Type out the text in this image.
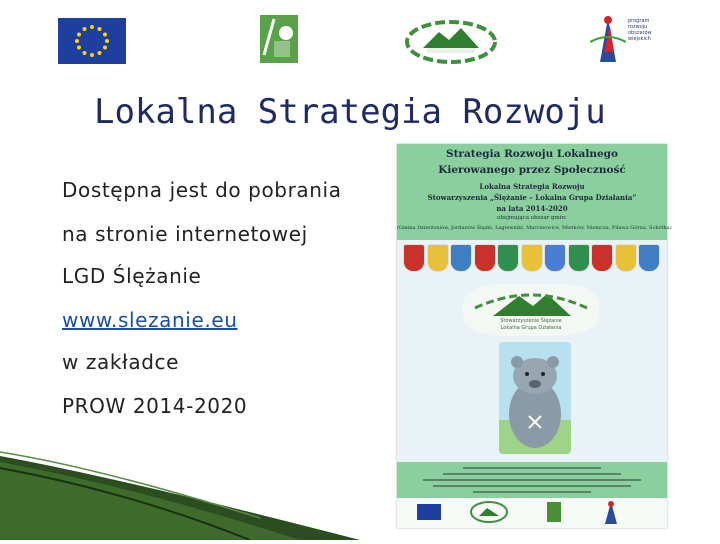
program
rozwoju
obszarów
wiejskich
Lokalna Strategia Rozwoju
Dostępna jest do pobrania
na stronie internetowej
LGD Ślężanie
www.slezanie.eu
w zakładce
PROW 2014-2020
Strategia Rozwoju Lokalnego
Kierowanego przez Społeczność
Lokalna Strategia Rozwoju
Stowarzyszenia „Ślężanie – Lokalna Grupa Działania”
na lata 2014-2020
obejmująca obszar gmin:
(Gmina Dzierżoniów, Jordanów Śląski, Łagiewniki, Marcinowice, Mietków, Niemcza, Piława Górna, Sobótka)
Stowarzyszenie Ślężanie
Lokalna Grupa Działania
